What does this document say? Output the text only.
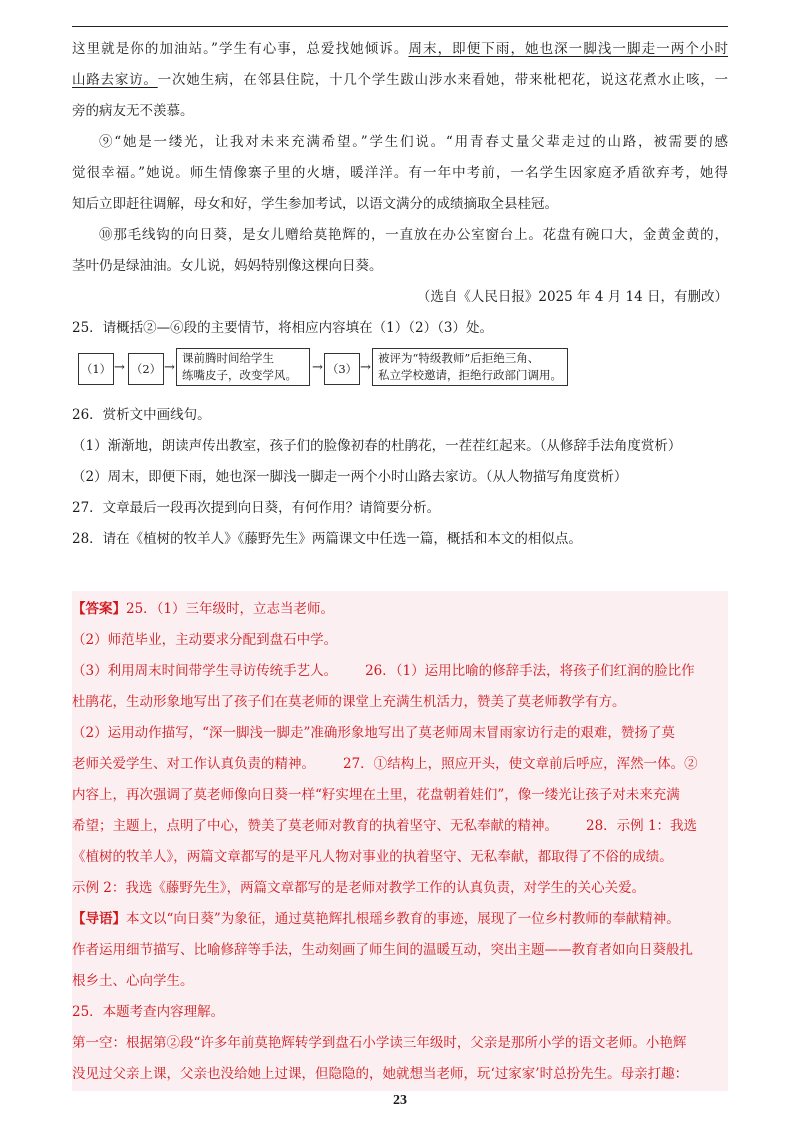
这里就是你的加油站。”学生有心事，总爱找她倾诉。周末，即便下雨，她也深一脚浅一脚走一两个小时
山路去家访。一次她生病，在邻县住院，十几个学生跋山涉水来看她，带来枇杷花，说这花煮水止咳，一
旁的病友无不羡慕。
⑨“她是一缕光，让我对未来充满希望。”学生们说。“用青春丈量父辈走过的山路，被需要的感
觉很幸福。”她说。师生情像寨子里的火塘，暖洋洋。有一年中考前，一名学生因家庭矛盾欲弃考，她得
知后立即赶往调解，母女和好，学生参加考试，以语文满分的成绩摘取全县桂冠。
⑩那毛线钩的向日葵，是女儿赠给莫艳辉的，一直放在办公室窗台上。花盘有碗口大，金黄金黄的，
茎叶仍是绿油油。女儿说，妈妈特别像这棵向日葵。
（选自《人民日报》2025 年 4 月 14 日，有删改）
25．请概括②—⑥段的主要情节，将相应内容填在（1）（2）（3）处。
（1） → （2） →
课前腾时间给学生
练嘴皮子，改变学风。	→ （3） →
被评为“特级教师”后拒绝三角、
私立学校邀请，拒绝行政部门调用。
26．赏析文中画线句。
（1）渐渐地，朗读声传出教室，孩子们的脸像初春的杜鹃花，一茬茬红起来。（从修辞手法角度赏析）
（2）周末，即便下雨，她也深一脚浅一脚走一两个小时山路去家访。（从人物描写角度赏析）
27．文章最后一段再次提到向日葵，有何作用？请简要分析。
28．请在《植树的牧羊人》《藤野先生》两篇课文中任选一篇，概括和本文的相似点。
【答案】25．（1）三年级时，立志当老师。
（2）师范毕业，主动要求分配到盘石中学。
（3）利用周末时间带学生寻访传统手艺人。 26．（1）运用比喻的修辞手法，将孩子们红润的脸比作
杜鹃花，生动形象地写出了孩子们在莫老师的课堂上充满生机活力，赞美了莫老师教学有方。
（2）运用动作描写，“深一脚浅一脚走”准确形象地写出了莫老师周末冒雨家访行走的艰难，赞扬了莫
老师关爱学生、对工作认真负责的精神。 27．①结构上，照应开头，使文章前后呼应，浑然一体。②
内容上，再次强调了莫老师像向日葵一样“籽实埋在土里，花盘朝着娃们”，像一缕光让孩子对未来充满
希望；主题上，点明了中心，赞美了莫老师对教育的执着坚守、无私奉献的精神。 28．示例 1：我选
《植树的牧羊人》，两篇文章都写的是平凡人物对事业的执着坚守、无私奉献，都取得了不俗的成绩。
示例 2：我选《藤野先生》，两篇文章都写的是老师对教学工作的认真负责，对学生的关心关爱。
【导语】本文以“向日葵”为象征，通过莫艳辉扎根瑶乡教育的事迹，展现了一位乡村教师的奉献精神。
作者运用细节描写、比喻修辞等手法，生动刻画了师生间的温暖互动，突出主题——教育者如向日葵般扎
根乡土、心向学生。
25．本题考查内容理解。
第一空：根据第②段“许多年前莫艳辉转学到盘石小学读三年级时，父亲是那所小学的语文老师。小艳辉
没见过父亲上课，父亲也没给她上过课，但隐隐的，她就想当老师，玩‘过家家’时总扮先生。母亲打趣：
23
